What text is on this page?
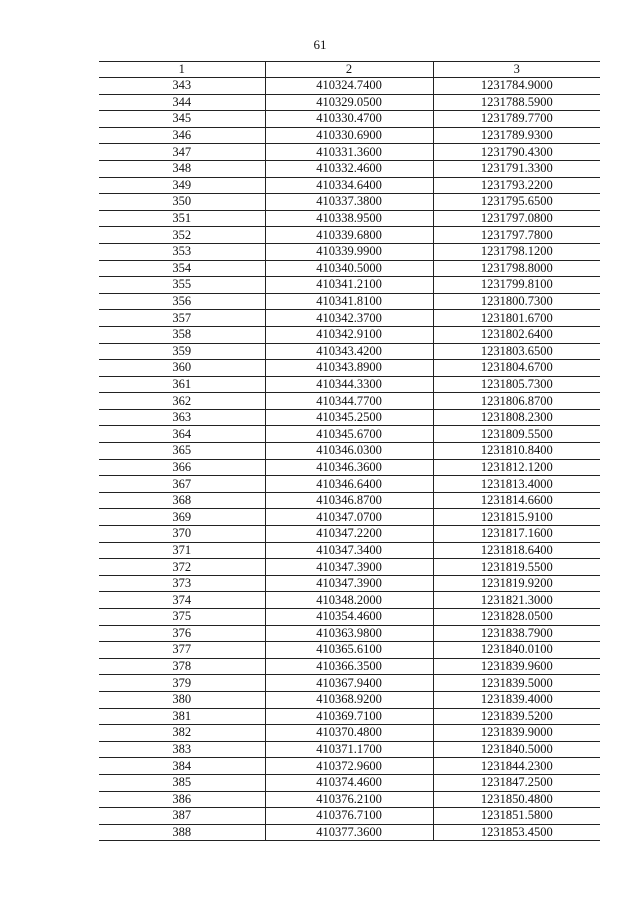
61
1	2	3
343	410324.7400	1231784.9000
344	410329.0500	1231788.5900
345	410330.4700	1231789.7700
346	410330.6900	1231789.9300
347	410331.3600	1231790.4300
348	410332.4600	1231791.3300
349	410334.6400	1231793.2200
350	410337.3800	1231795.6500
351	410338.9500	1231797.0800
352	410339.6800	1231797.7800
353	410339.9900	1231798.1200
354	410340.5000	1231798.8000
355	410341.2100	1231799.8100
356	410341.8100	1231800.7300
357	410342.3700	1231801.6700
358	410342.9100	1231802.6400
359	410343.4200	1231803.6500
360	410343.8900	1231804.6700
361	410344.3300	1231805.7300
362	410344.7700	1231806.8700
363	410345.2500	1231808.2300
364	410345.6700	1231809.5500
365	410346.0300	1231810.8400
366	410346.3600	1231812.1200
367	410346.6400	1231813.4000
368	410346.8700	1231814.6600
369	410347.0700	1231815.9100
370	410347.2200	1231817.1600
371	410347.3400	1231818.6400
372	410347.3900	1231819.5500
373	410347.3900	1231819.9200
374	410348.2000	1231821.3000
375	410354.4600	1231828.0500
376	410363.9800	1231838.7900
377	410365.6100	1231840.0100
378	410366.3500	1231839.9600
379	410367.9400	1231839.5000
380	410368.9200	1231839.4000
381	410369.7100	1231839.5200
382	410370.4800	1231839.9000
383	410371.1700	1231840.5000
384	410372.9600	1231844.2300
385	410374.4600	1231847.2500
386	410376.2100	1231850.4800
387	410376.7100	1231851.5800
388	410377.3600	1231853.4500
